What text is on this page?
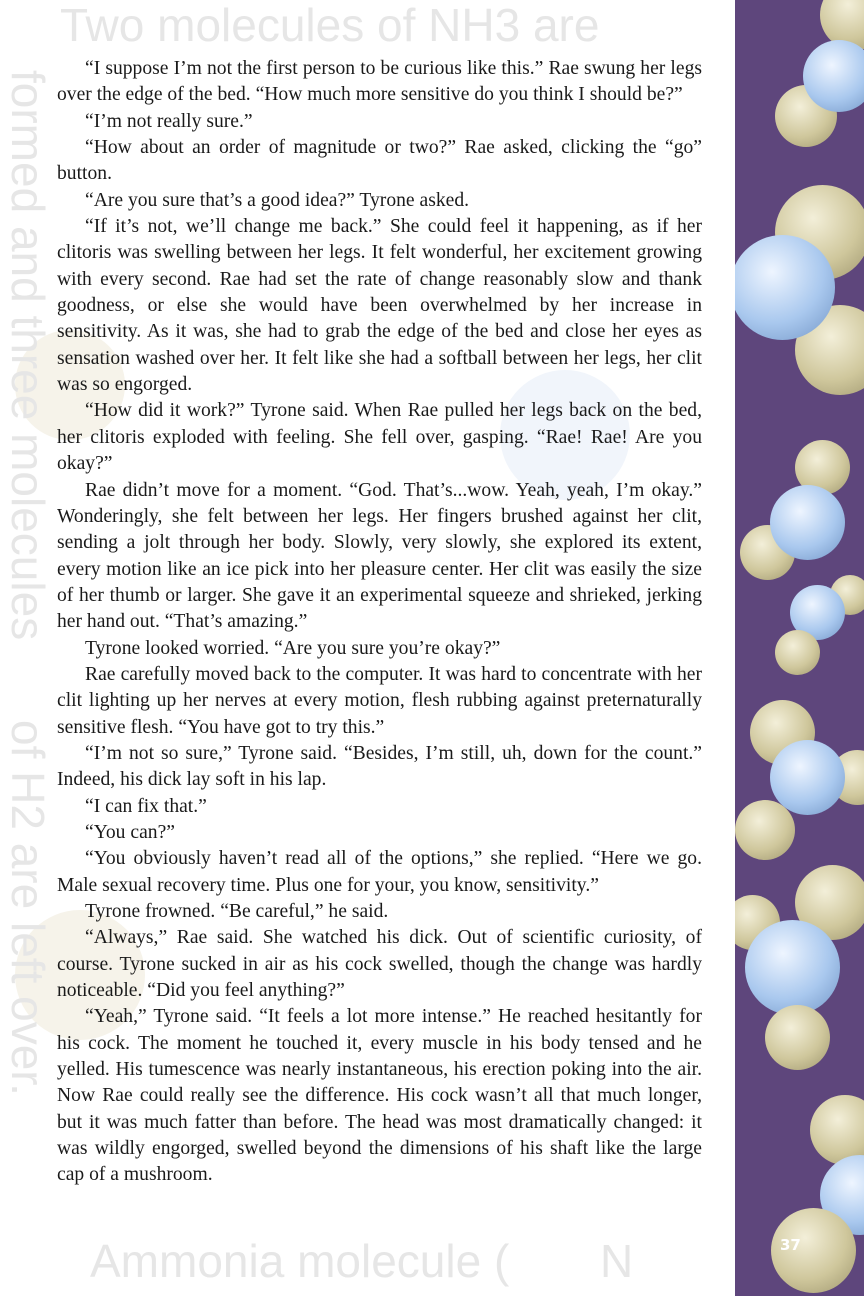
Two molecules of NH3 are
formed and three molecules
of H2 are left over.
Ammonia molecule ( N

“I suppose I’m not the first person to be curious like this.” Rae swung her legs over the edge of the bed. “How much more sensitive do you think I should be?”

“I’m not really sure.”

“How about an order of magnitude or two?” Rae asked, clicking the “go” button.

“Are you sure that’s a good idea?” Tyrone asked.

“If it’s not, we’ll change me back.” She could feel it happening, as if her clitoris was swelling between her legs. It felt wonderful, her excitement growing with every second. Rae had set the rate of change reasonably slow and thank goodness, or else she would have been overwhelmed by her increase in sensitivity. As it was, she had to grab the edge of the bed and close her eyes as sensation washed over her. It felt like she had a softball between her legs, her clit was so engorged.

“How did it work?” Tyrone said. When Rae pulled her legs back on the bed, her clitoris exploded with feeling. She fell over, gasping. “Rae! Rae! Are you okay?”

Rae didn’t move for a moment. “God. That’s...wow. Yeah, yeah, I’m okay.” Wonderingly, she felt between her legs. Her fingers brushed against her clit, sending a jolt through her body. Slowly, very slowly, she explored its extent, every motion like an ice pick into her pleasure center. Her clit was easily the size of her thumb or larger. She gave it an experimental squeeze and shrieked, jerking her hand out. “That’s amazing.”

Tyrone looked worried. “Are you sure you’re okay?”

Rae carefully moved back to the computer. It was hard to concentrate with her clit lighting up her nerves at every motion, flesh rubbing against preternaturally sensitive flesh. “You have got to try this.”

“I’m not so sure,” Tyrone said. “Besides, I’m still, uh, down for the count.” Indeed, his dick lay soft in his lap.

“I can fix that.”

“You can?”

“You obviously haven’t read all of the options,” she replied. “Here we go. Male sexual recovery time. Plus one for your, you know, sensitivity.”

Tyrone frowned. “Be careful,” he said.

“Always,” Rae said. She watched his dick. Out of scientific curiosity, of course. Tyrone sucked in air as his cock swelled, though the change was hardly noticeable. “Did you feel anything?”

“Yeah,” Tyrone said. “It feels a lot more intense.” He reached hesitantly for his cock. The moment he touched it, every muscle in his body tensed and he yelled. His tumescence was nearly instantaneous, his erection poking into the air. Now Rae could really see the difference. His cock wasn’t all that much longer, but it was much fatter than before. The head was most dramatically changed: it was wildly engorged, swelled beyond the dimensions of his shaft like the large cap of a mushroom.

37
